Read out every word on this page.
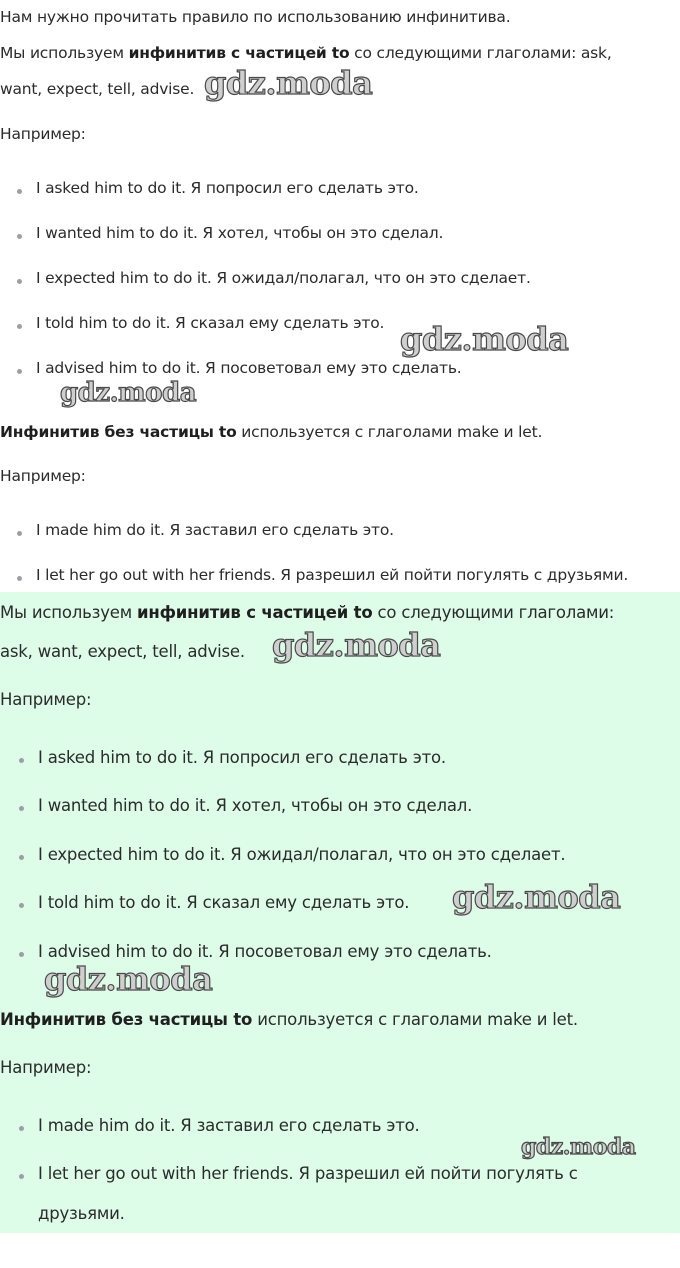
Нам нужно прочитать правило по использованию инфинитива.
Мы используем инфинитив с частицей to со следующими глаголами: ask,
want, expect, tell, advise.
Например:
I asked him to do it. Я попросил его сделать это.
I wanted him to do it. Я хотел, чтобы он это сделал.
I expected him to do it. Я ожидал/полагал, что он это сделает.
I told him to do it. Я сказал ему сделать это.
I advised him to do it. Я посоветовал ему это сделать.
Инфинитив без частицы to используется с глаголами make и let.
Например:
I made him do it. Я заставил его сделать это.
I let her go out with her friends. Я разрешил ей пойти погулять с друзьями.
gdz.moda
gdz.moda
gdz.moda
Мы используем инфинитив с частицей to со следующими глаголами:
ask, want, expect, tell, advise.
Например:
I asked him to do it. Я попросил его сделать это.
I wanted him to do it. Я хотел, чтобы он это сделал.
I expected him to do it. Я ожидал/полагал, что он это сделает.
I told him to do it. Я сказал ему сделать это.
I advised him to do it. Я посоветовал ему это сделать.
Инфинитив без частицы to используется с глаголами make и let.
Например:
I made him do it. Я заставил его сделать это.
I let her go out with her friends. Я разрешил ей пойти погулять с
друзьями.
gdz.moda
gdz.moda
gdz.moda
gdz.moda
